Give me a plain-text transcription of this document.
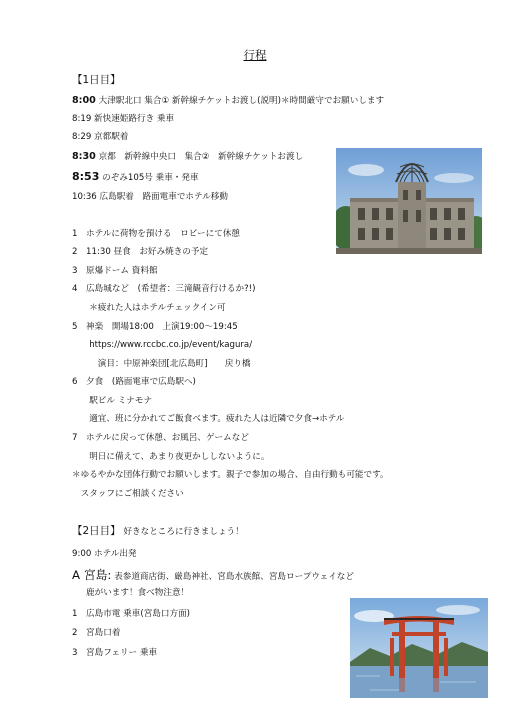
行程
【1日目】
8:00 大津駅北口 集合① 新幹線チケットお渡し(説明)＊時間厳守でお願いします
8:19 新快速姫路行き 乗車
8:29 京都駅着
8:30 京都　新幹線中央口　集合②　新幹線チケットお渡し
8:53 のぞみ105号 乗車・発車
10:36 広島駅着　路面電車でホテル移動
1　ホテルに荷物を預ける　ロビーにて休憩
2　11:30 昼食　お好み焼きの予定
3　原爆ドーム 資料館
4　広島城など　(希望者：三滝観音行けるか?!)
　　＊疲れた人はホテルチェックイン可
5　神楽　開場18:00　上演19:00～19:45
　　https://www.rccbc.co.jp/event/kagura/
　　　演目：中原神楽団[北広島町]　　戻り橋
6　夕食　(路面電車で広島駅へ)
　　駅ビル ミナモナ
　　適宜、班に分かれてご飯食べます。疲れた人は近隣で夕食→ホテル
7　ホテルに戻って休憩、お風呂、ゲームなど
　　明日に備えて、あまり夜更かししないように。
＊ゆるやかな団体行動でお願いします。親子で参加の場合、自由行動も可能です。
　スタッフにご相談ください
【2日目】 好きなところに行きましょう！
9:00 ホテル出発
A 宮島: 表参道商店街、厳島神社、宮島水族館、宮島ロープウェイなど
鹿がいます！食べ物注意！
1　広島市電 乗車(宮島口方面)
2　宮島口着
3　宮島フェリー 乗車
